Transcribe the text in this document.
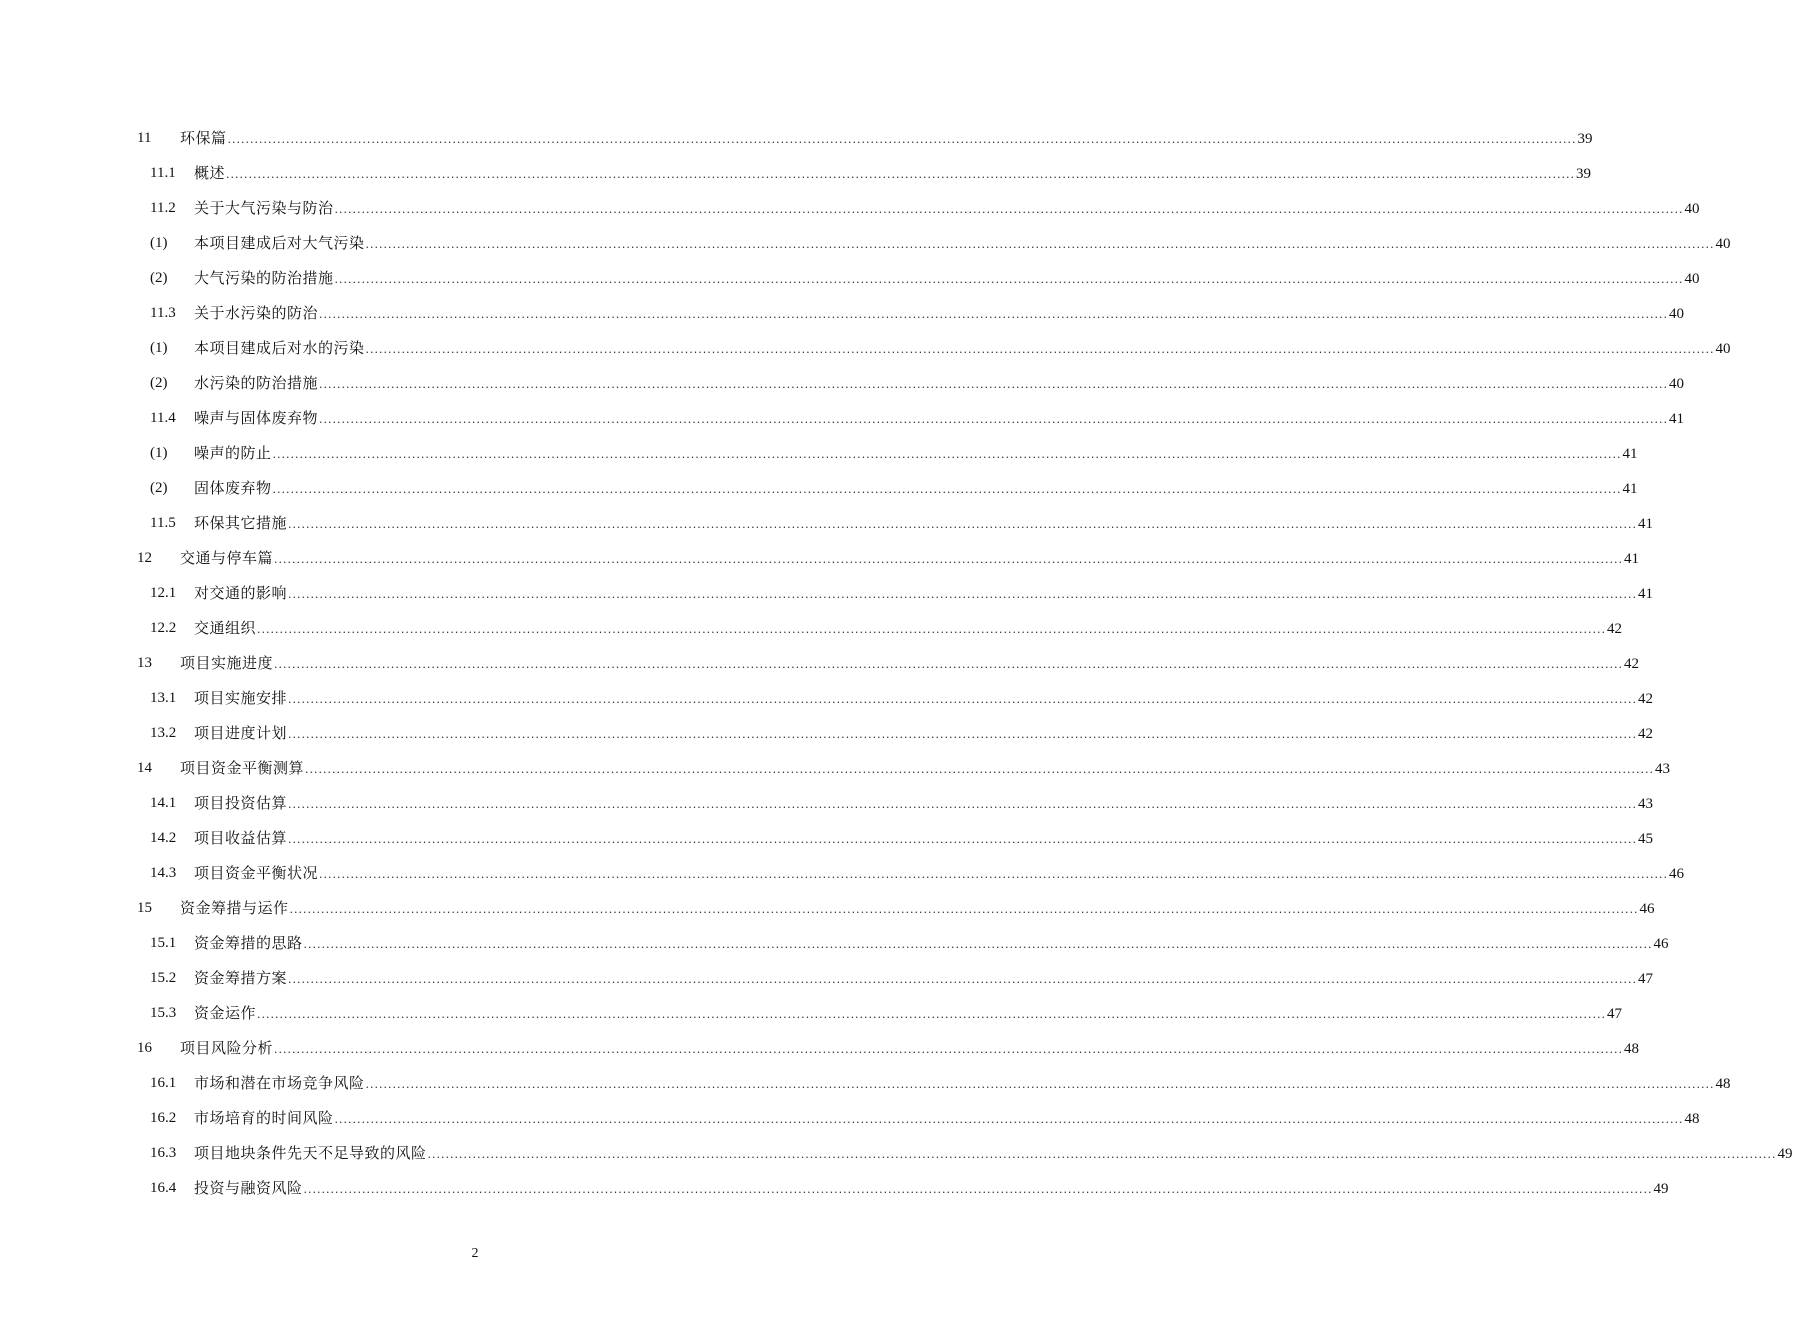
11 环保篇 ............................................................................................................................................................................................................................................................................................................ 39
11.1 概述 ............................................................................................................................................................................................................................................................................................................ 39
11.2 关于大气污染与防治 ............................................................................................................................................................................................................................................................................................................ 40
(1) 本项目建成后对大气污染 ............................................................................................................................................................................................................................................................................................................ 40
(2) 大气污染的防治措施 ............................................................................................................................................................................................................................................................................................................ 40
11.3 关于水污染的防治 ............................................................................................................................................................................................................................................................................................................ 40
(1) 本项目建成后对水的污染 ............................................................................................................................................................................................................................................................................................................ 40
(2) 水污染的防治措施 ............................................................................................................................................................................................................................................................................................................ 40
11.4 噪声与固体废弃物 ............................................................................................................................................................................................................................................................................................................ 41
(1) 噪声的防止 ............................................................................................................................................................................................................................................................................................................ 41
(2) 固体废弃物 ............................................................................................................................................................................................................................................................................................................ 41
11.5 环保其它措施 ............................................................................................................................................................................................................................................................................................................ 41
12 交通与停车篇 ............................................................................................................................................................................................................................................................................................................ 41
12.1 对交通的影响 ............................................................................................................................................................................................................................................................................................................ 41
12.2 交通组织 ............................................................................................................................................................................................................................................................................................................ 42
13 项目实施进度 ............................................................................................................................................................................................................................................................................................................ 42
13.1 项目实施安排 ............................................................................................................................................................................................................................................................................................................ 42
13.2 项目进度计划 ............................................................................................................................................................................................................................................................................................................ 42
14 项目资金平衡测算 ............................................................................................................................................................................................................................................................................................................ 43
14.1 项目投资估算 ............................................................................................................................................................................................................................................................................................................ 43
14.2 项目收益估算 ............................................................................................................................................................................................................................................................................................................ 45
14.3 项目资金平衡状况 ............................................................................................................................................................................................................................................................................................................ 46
15 资金筹措与运作 ............................................................................................................................................................................................................................................................................................................ 46
15.1 资金筹措的思路 ............................................................................................................................................................................................................................................................................................................ 46
15.2 资金筹措方案 ............................................................................................................................................................................................................................................................................................................ 47
15.3 资金运作 ............................................................................................................................................................................................................................................................................................................ 47
16 项目风险分析 ............................................................................................................................................................................................................................................................................................................ 48
16.1 市场和潜在市场竞争风险 ............................................................................................................................................................................................................................................................................................................ 48
16.2 市场培育的时间风险 ............................................................................................................................................................................................................................................................................................................ 48
16.3 项目地块条件先天不足导致的风险 ............................................................................................................................................................................................................................................................................................................ 49
16.4 投资与融资风险 ............................................................................................................................................................................................................................................................................................................ 49
2
